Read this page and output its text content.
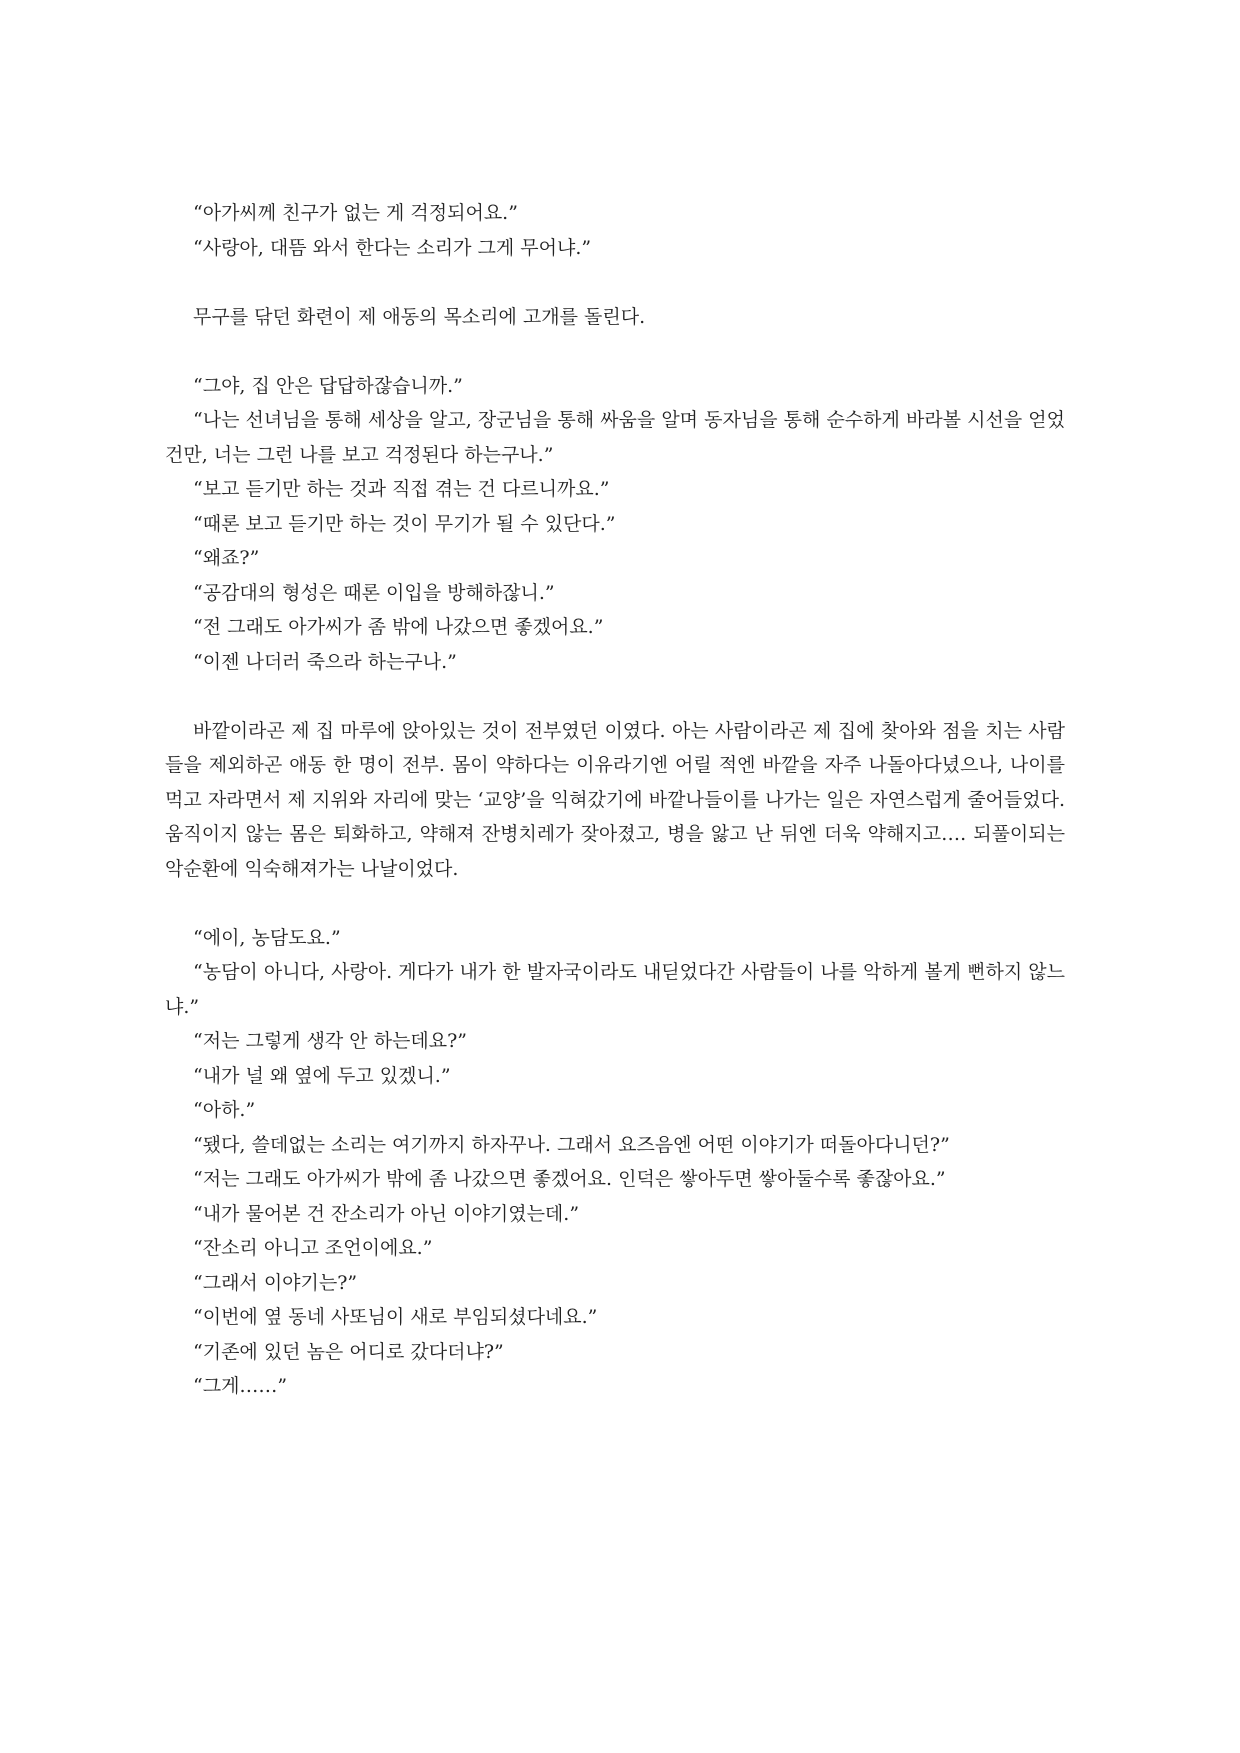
“아가씨께 친구가 없는 게 걱정되어요.”

“사랑아, 대뜸 와서 한다는 소리가 그게 무어냐.”

무구를 닦던 화련이 제 애동의 목소리에 고개를 돌린다.

“그야, 집 안은 답답하잖습니까.”

“나는 선녀님을 통해 세상을 알고, 장군님을 통해 싸움을 알며 동자님을 통해 순수하게 바라볼 시선을 얻었건만, 너는 그런 나를 보고 걱정된다 하는구나.”

“보고 듣기만 하는 것과 직접 겪는 건 다르니까요.”

“때론 보고 듣기만 하는 것이 무기가 될 수 있단다.”

“왜죠?”

“공감대의 형성은 때론 이입을 방해하잖니.”

“전 그래도 아가씨가 좀 밖에 나갔으면 좋겠어요.”

“이젠 나더러 죽으라 하는구나.”

바깥이라곤 제 집 마루에 앉아있는 것이 전부였던 이였다. 아는 사람이라곤 제 집에 찾아와 점을 치는 사람들을 제외하곤 애동 한 명이 전부. 몸이 약하다는 이유라기엔 어릴 적엔 바깥을 자주 나돌아다녔으나, 나이를 먹고 자라면서 제 지위와 자리에 맞는 ‘교양’을 익혀갔기에 바깥나들이를 나가는 일은 자연스럽게 줄어들었다. 움직이지 않는 몸은 퇴화하고, 약해져 잔병치레가 잦아졌고, 병을 앓고 난 뒤엔 더욱 약해지고…. 되풀이되는 악순환에 익숙해져가는 나날이었다.

“에이, 농담도요.”

“농담이 아니다, 사랑아. 게다가 내가 한 발자국이라도 내딛었다간 사람들이 나를 악하게 볼게 뻔하지 않느냐.”

“저는 그렇게 생각 안 하는데요?”

“내가 널 왜 옆에 두고 있겠니.”

“아하.”

“됐다, 쓸데없는 소리는 여기까지 하자꾸나. 그래서 요즈음엔 어떤 이야기가 떠돌아다니던?”

“저는 그래도 아가씨가 밖에 좀 나갔으면 좋겠어요. 인덕은 쌓아두면 쌓아둘수록 좋잖아요.”

“내가 물어본 건 잔소리가 아닌 이야기였는데.”

“잔소리 아니고 조언이에요.”

“그래서 이야기는?”

“이번에 옆 동네 사또님이 새로 부임되셨다네요.”

“기존에 있던 놈은 어디로 갔다더냐?”

“그게……”
